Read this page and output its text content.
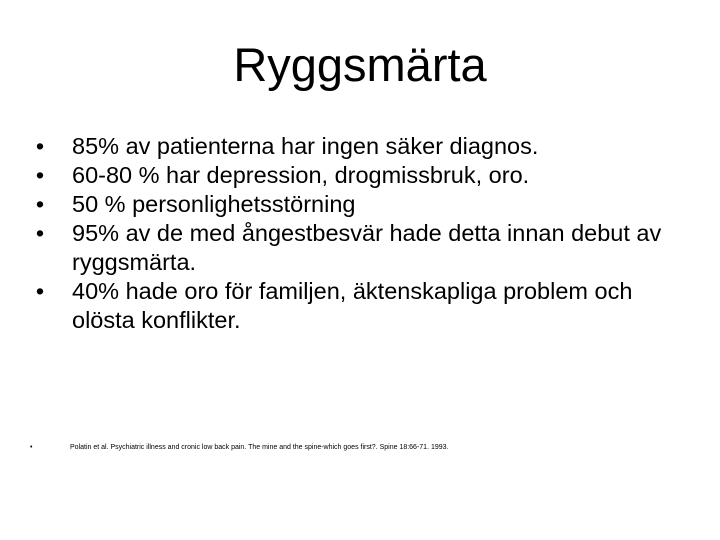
Ryggsmärta
• 85% av patienterna har ingen säker diagnos.
• 60-80 % har depression, drogmissbruk, oro.
• 50 % personlighetsstörning
• 95% av de med ångestbesvär hade detta innan debut av ryggsmärta.
• 40% hade oro för familjen, äktenskapliga problem och olösta konflikter.
•	Polatin et al. Psychiatric illness and cronic low back pain. The mine and the spine-which goes first?. Spine 18:66-71. 1993.
